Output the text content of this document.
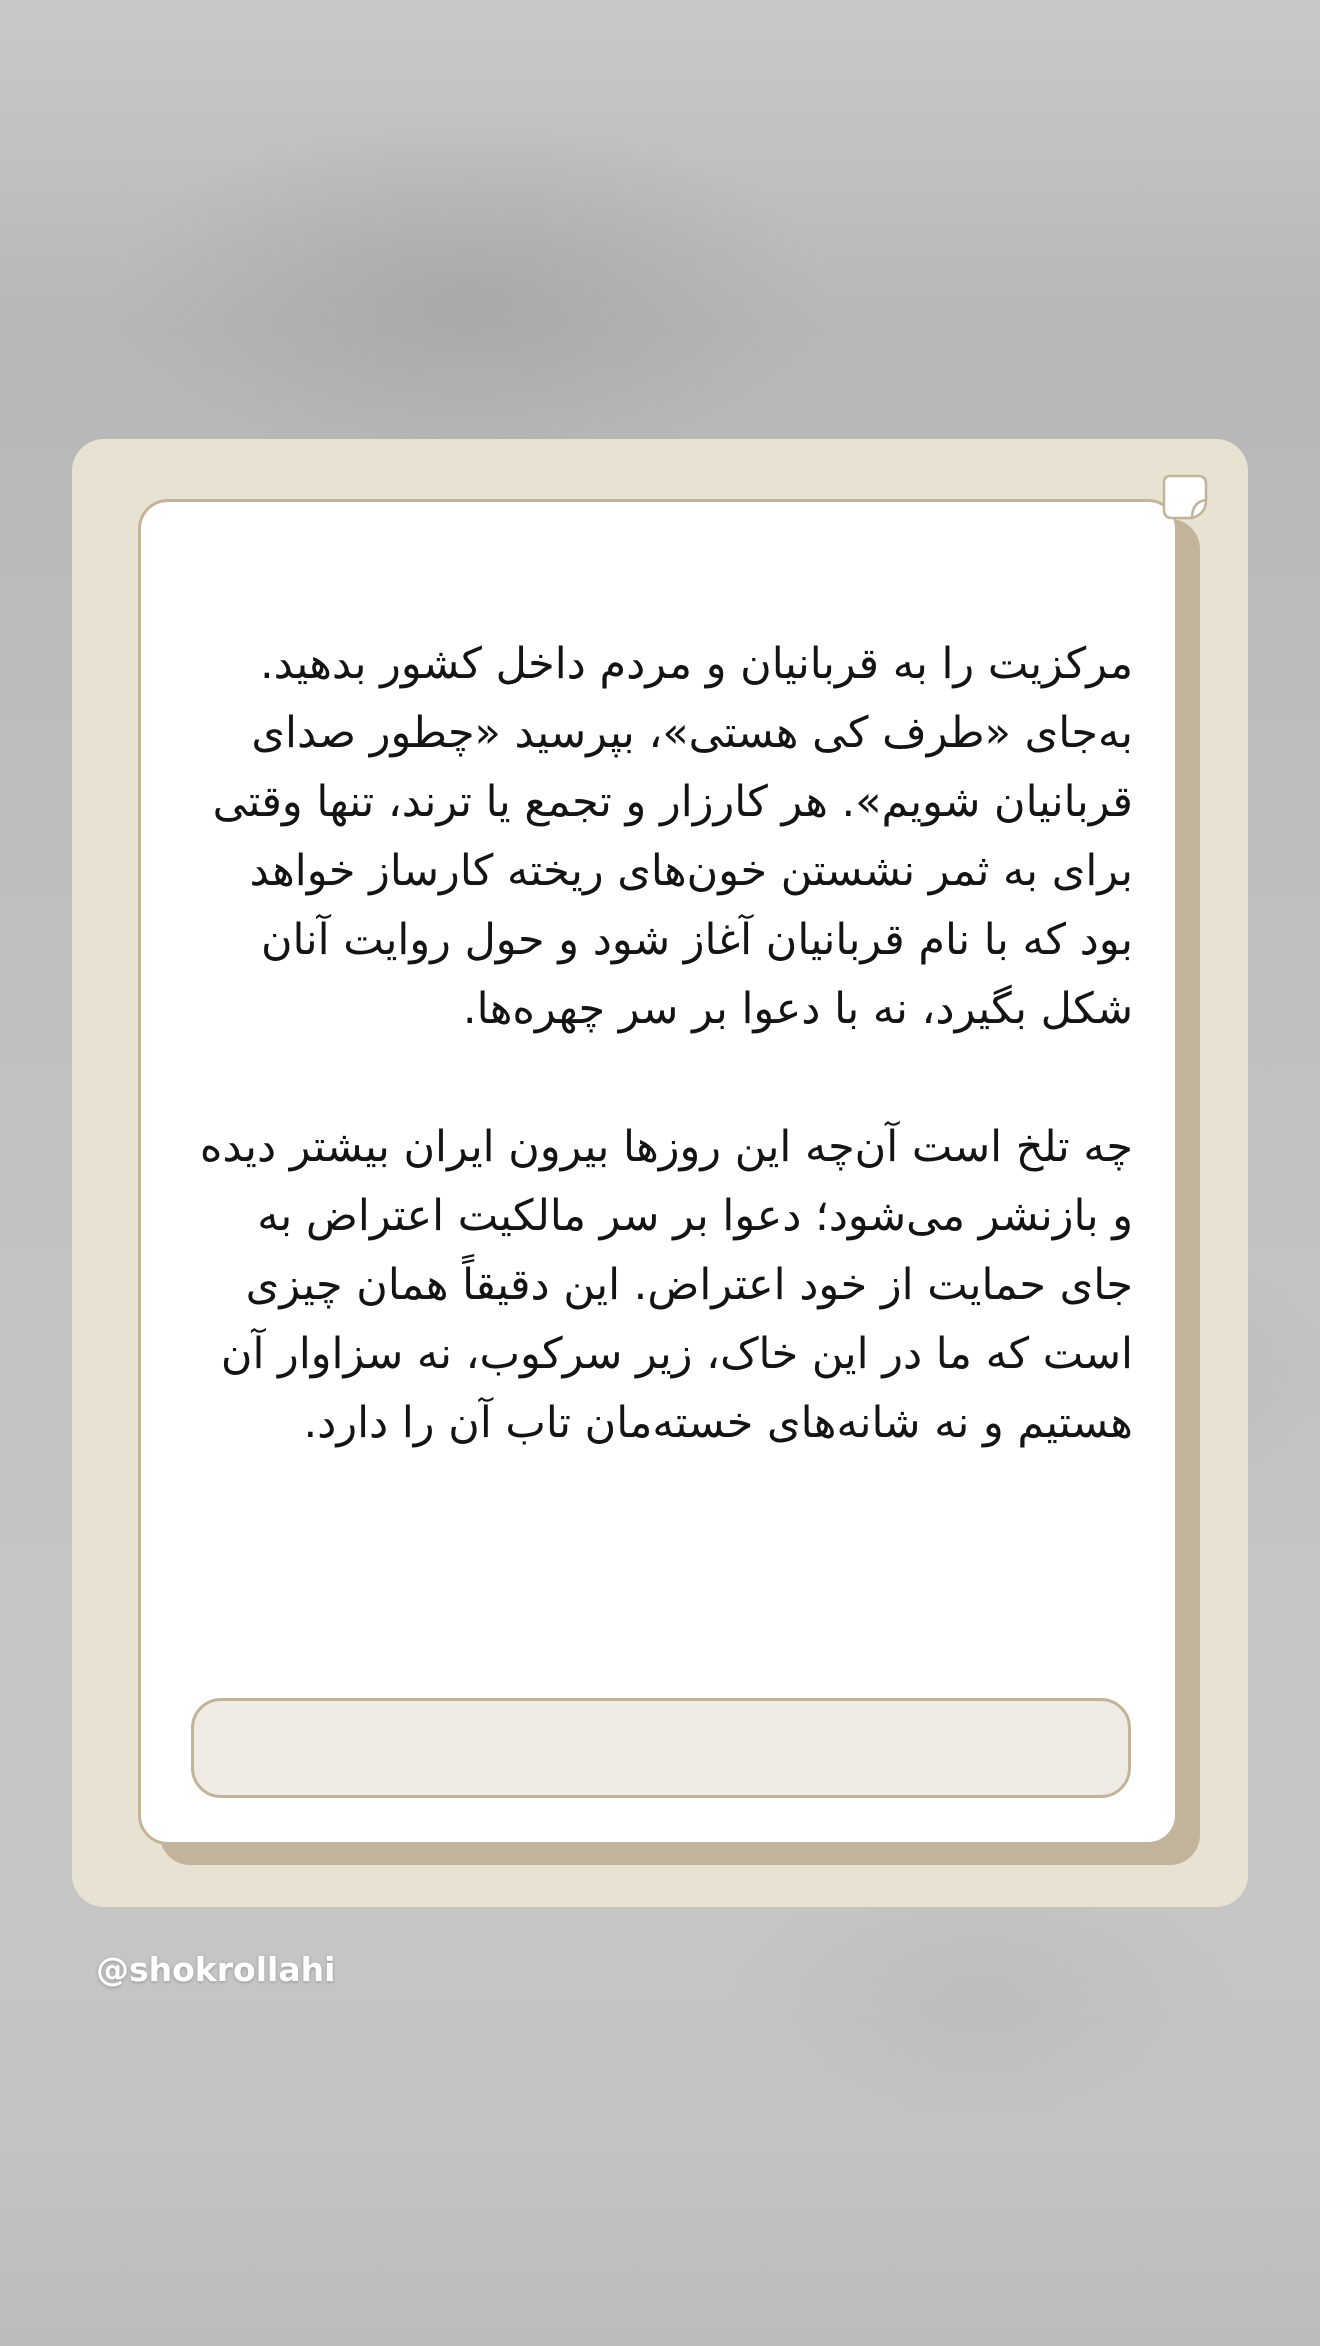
مرکزیت را به قربانیان و مردم داخل کشور بدهید. به‌جای «طرف کی هستی»، بپرسید «چطور صدای قربانیان شویم». هر کارزار و تجمع یا ترند، تنها وقتی برای به ثمر نشستن خون‌های ریخته کارساز خواهد بود که با نام قربانیان آغاز شود و حول روایت آنان شکل بگیرد، نه با دعوا بر سر چهره‌ها.

چه تلخ است آن‌چه این روزها بیرون ایران بیشتر دیده و بازنشر می‌شود؛ دعوا بر سر مالکیت اعتراض به جای حمایت از خود اعتراض. این دقیقاً همان چیزی است که ما در این خاک، زیر سرکوب، نه سزاوار آن هستیم و نه شانه‌های خسته‌مان تاب آن را دارد.

@shokrollahi
